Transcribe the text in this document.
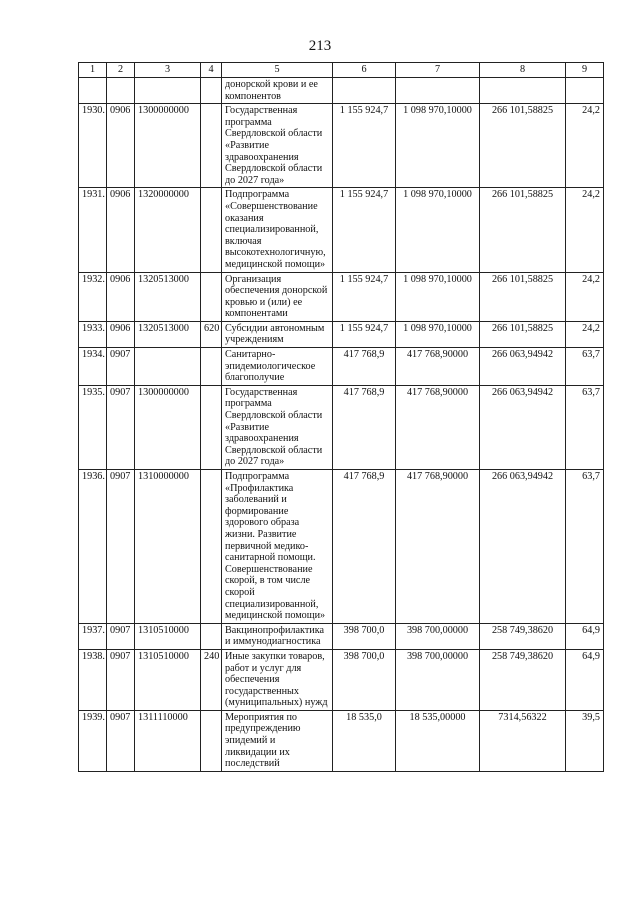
213
1	2	3	4	5	6	7	8	9
				донорской крови и ее компонентов				
1930.	0906	1300000000		Государственная программа Свердловской области «Развитие здравоохранения Свердловской области до 2027 года»	1 155 924,7	1 098 970,10000	266 101,58825	24,2
1931.	0906	1320000000		Подпрограмма «Совершенствование оказания специализированной, включая высокотехнологичную, медицинской помощи»	1 155 924,7	1 098 970,10000	266 101,58825	24,2
1932.	0906	1320513000		Организация обеспечения донорской кровью и (или) ее компонентами	1 155 924,7	1 098 970,10000	266 101,58825	24,2
1933.	0906	1320513000	620	Субсидии автономным учреждениям	1 155 924,7	1 098 970,10000	266 101,58825	24,2
1934.	0907			Санитарно-эпидемиологическое благополучие	417 768,9	417 768,90000	266 063,94942	63,7
1935.	0907	1300000000		Государственная программа Свердловской области «Развитие здравоохранения Свердловской области до 2027 года»	417 768,9	417 768,90000	266 063,94942	63,7
1936.	0907	1310000000		Подпрограмма «Профилактика заболеваний и формирование здорового образа жизни. Развитие первичной медико-санитарной помощи. Совершенствование скорой, в том числе скорой специализированной, медицинской помощи»	417 768,9	417 768,90000	266 063,94942	63,7
1937.	0907	1310510000		Вакцинопрофилактика и иммунодиагностика	398 700,0	398 700,00000	258 749,38620	64,9
1938.	0907	1310510000	240	Иные закупки товаров, работ и услуг для обеспечения государственных (муниципальных) нужд	398 700,0	398 700,00000	258 749,38620	64,9
1939.	0907	1311110000		Мероприятия по предупреждению эпидемий и ликвидации их последствий	18 535,0	18 535,00000	7314,56322	39,5
